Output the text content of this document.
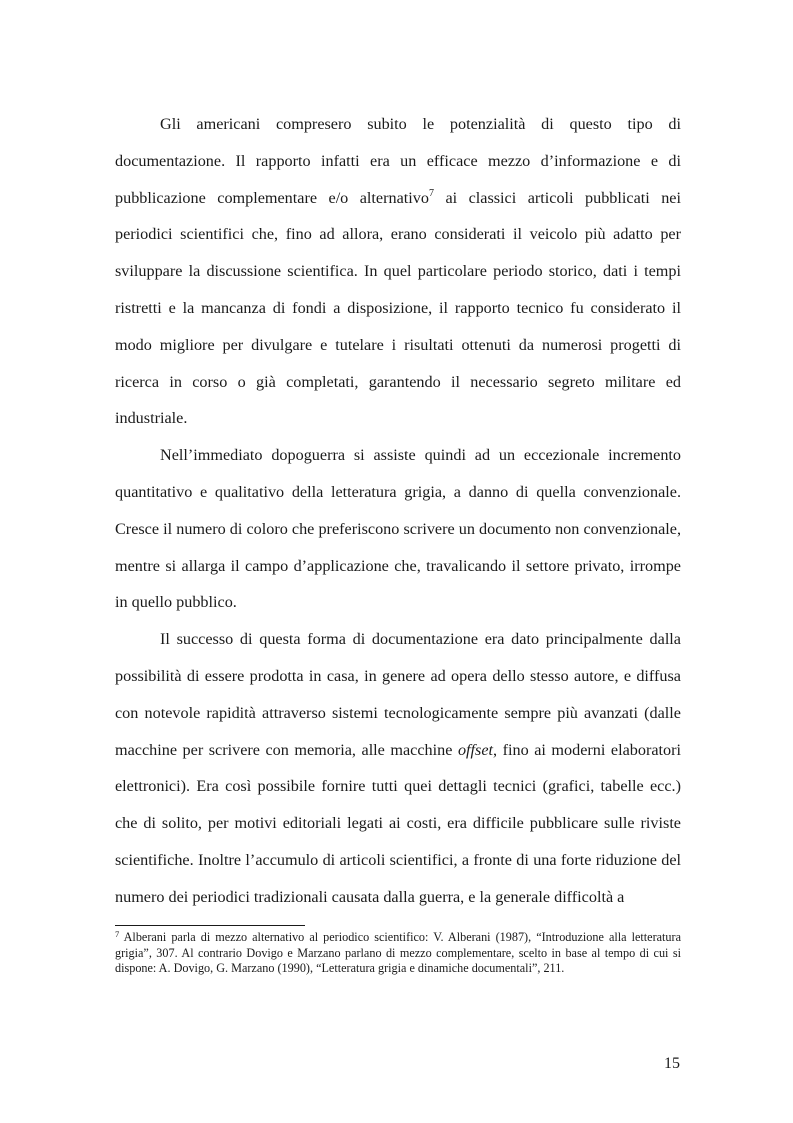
Gli americani compresero subito le potenzialità di questo tipo di documentazione. Il rapporto infatti era un efficace mezzo d’informazione e di pubblicazione complementare e/o alternativo$^7$ ai classici articoli pubblicati nei periodici scientifici che, fino ad allora, erano considerati il veicolo più adatto per sviluppare la discussione scientifica. In quel particolare periodo storico, dati i tempi ristretti e la mancanza di fondi a disposizione, il rapporto tecnico fu considerato il modo migliore per divulgare e tutelare i risultati ottenuti da numerosi progetti di ricerca in corso o già completati, garantendo il necessario segreto militare ed industriale.

Nell’immediato dopoguerra si assiste quindi ad un eccezionale incremento quantitativo e qualitativo della letteratura grigia, a danno di quella convenzionale. Cresce il numero di coloro che preferiscono scrivere un documento non convenzionale, mentre si allarga il campo d’applicazione che, travalicando il settore privato, irrompe in quello pubblico.

Il successo di questa forma di documentazione era dato principalmente dalla possibilità di essere prodotta in casa, in genere ad opera dello stesso autore, e diffusa con notevole rapidità attraverso sistemi tecnologicamente sempre più avanzati (dalle macchine per scrivere con memoria, alle macchine offset, fino ai moderni elaboratori elettronici). Era così possibile fornire tutti quei dettagli tecnici (grafici, tabelle ecc.) che di solito, per motivi editoriali legati ai costi, era difficile pubblicare sulle riviste scientifiche. Inoltre l’accumulo di articoli scientifici, a fronte di una forte riduzione del numero dei periodici tradizionali causata dalla guerra, e la generale difficoltà a

$^7$ Alberani parla di mezzo alternativo al periodico scientifico: V. Alberani (1987), “Introduzione alla letteratura grigia”, 307. Al contrario Dovigo e Marzano parlano di mezzo complementare, scelto in base al tempo di cui si dispone: A. Dovigo, G. Marzano (1990), “Letteratura grigia e dinamiche documentali”, 211.
15
